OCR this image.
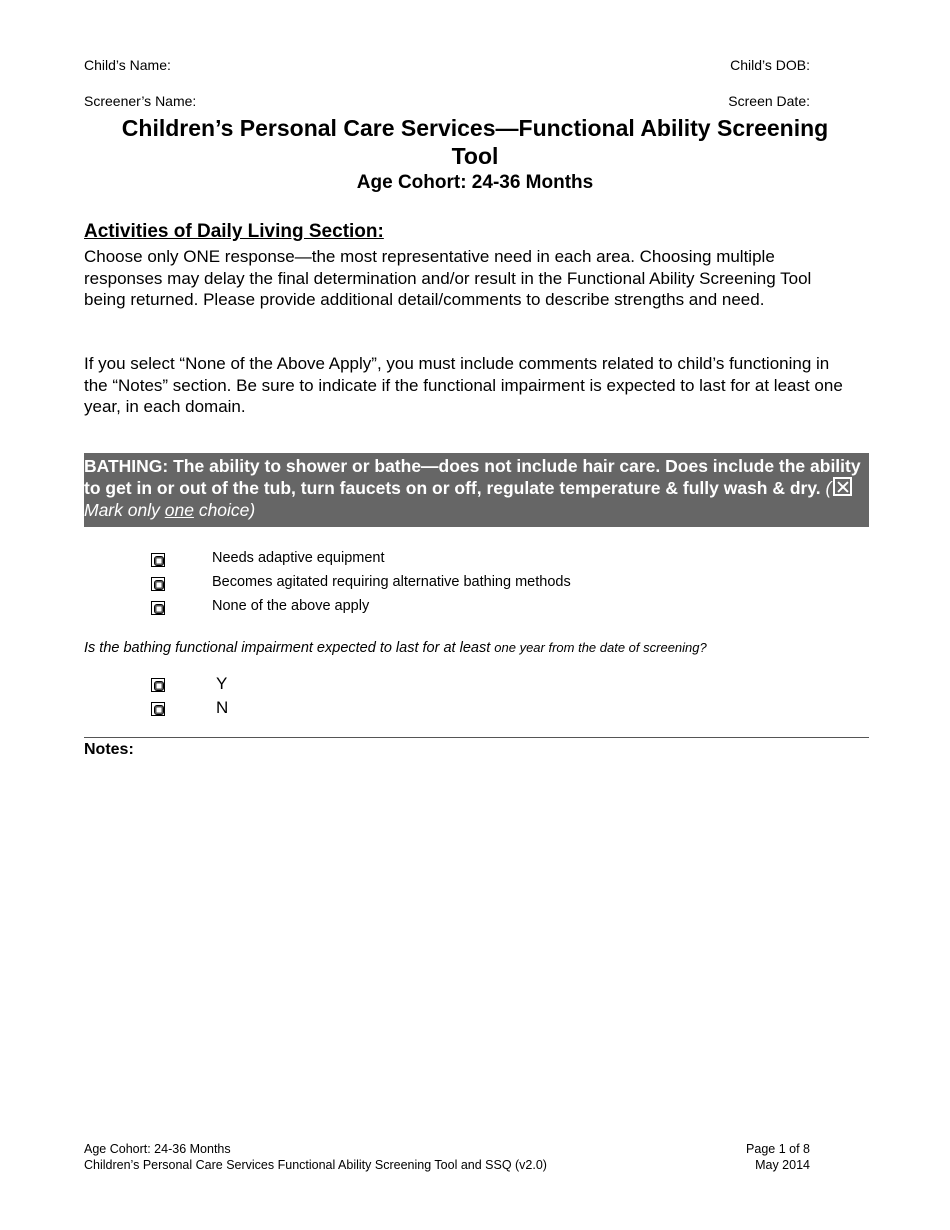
Child’s Name:	Child’s DOB:
Screener’s Name:	Screen Date:
Children’s Personal Care Services—Functional Ability Screening
Tool
Age Cohort: 24-36 Months
Activities of Daily Living Section:
Choose only ONE response—the most representative need in each area. Choosing multiple responses may delay the final determination and/or result in the Functional Ability Screening Tool being returned. Please provide additional detail/comments to describe strengths and need.
If you select “None of the Above Apply”, you must include comments related to child’s functioning in the “Notes” section. Be sure to indicate if the functional impairment is expected to last for at least one year, in each domain.
BATHING: The ability to shower or bathe—does not include hair care. Does include the ability to get in or out of the tub, turn faucets on or off, regulate temperature & fully wash & dry. ( Mark only one choice)
Needs adaptive equipment
Becomes agitated requiring alternative bathing methods
None of the above apply
Is the bathing functional impairment expected to last for at least one year from the date of screening?
Y
N
Notes:
Age Cohort: 24-36 Months
Children’s Personal Care Services Functional Ability Screening Tool and SSQ (v2.0)
Page 1 of 8
May 2014
